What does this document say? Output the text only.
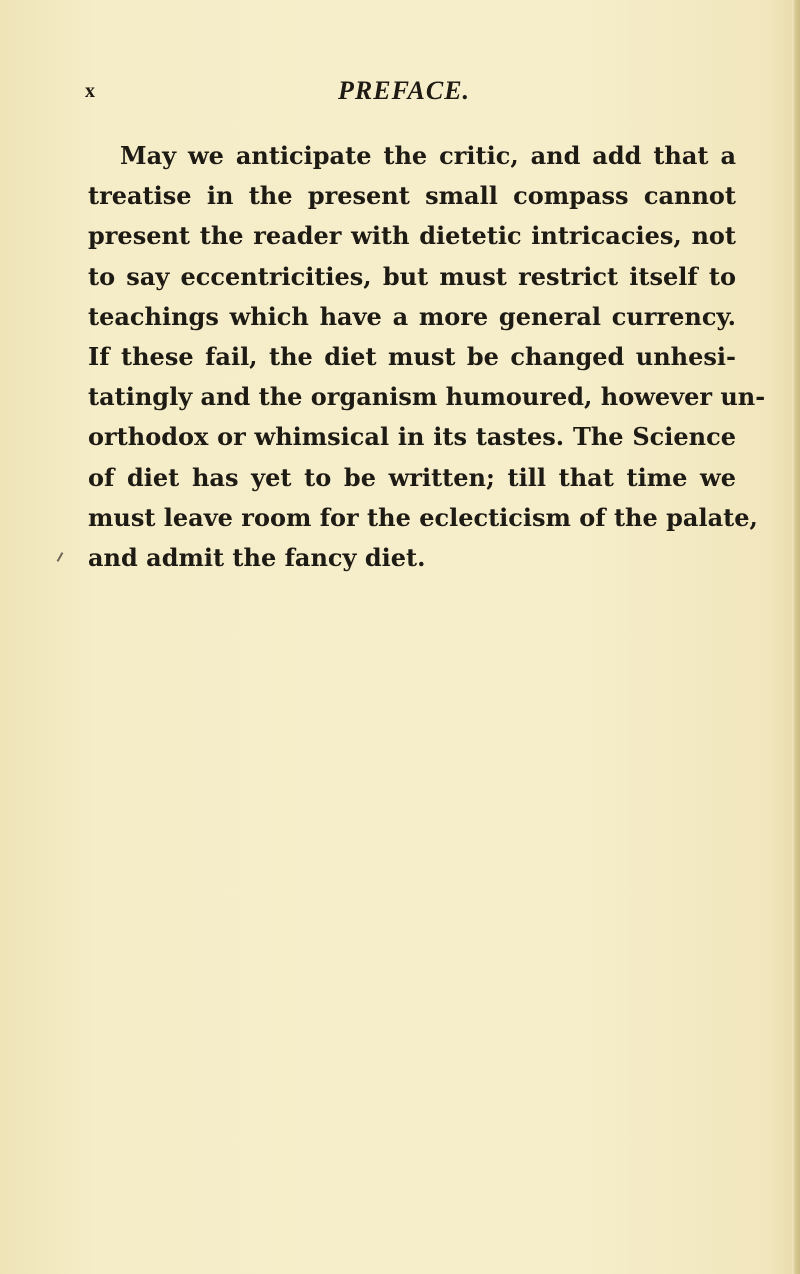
x	PREFACE.
May we anticipate the critic, and add that a
treatise in the present small compass cannot
present the reader with dietetic intricacies, not
to say eccentricities, but must restrict itself to
teachings which have a more general currency.
If these fail, the diet must be changed unhesi-
tatingly and the organism humoured, however un-
orthodox or whimsical in its tastes. The Science
of diet has yet to be written; till that time we
must leave room for the eclecticism of the palate,
and admit the fancy diet.
